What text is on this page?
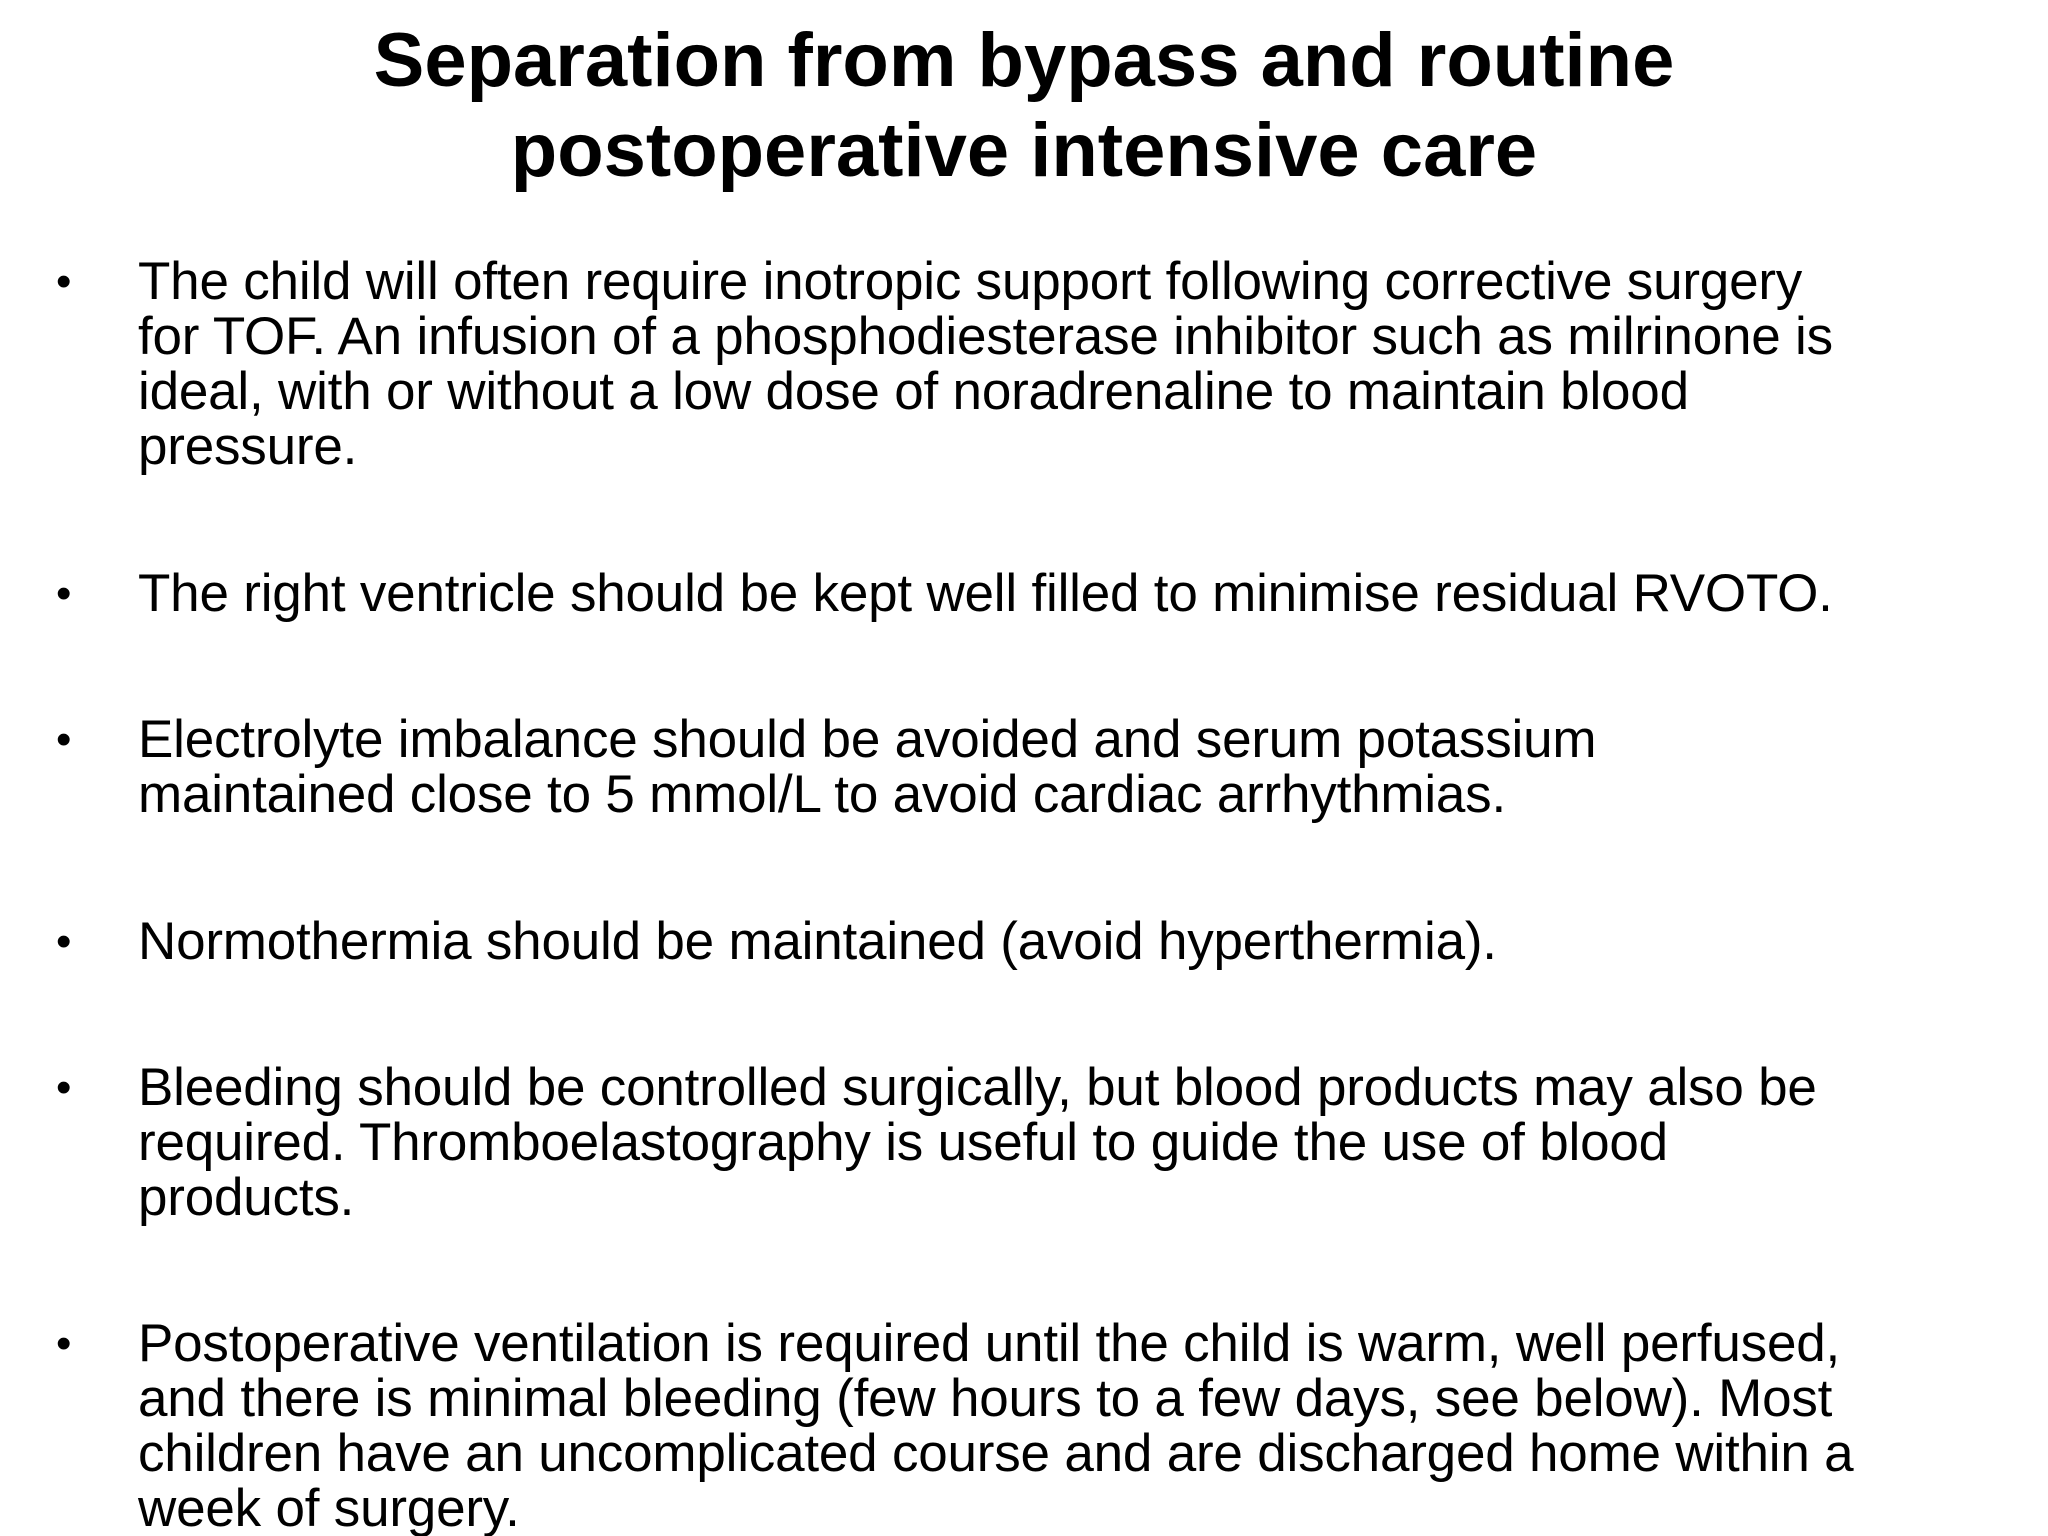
Separation from bypass and routine
postoperative intensive care
• The child will often require inotropic support following corrective surgery
for TOF. An infusion of a phosphodiesterase inhibitor such as milrinone is
ideal, with or without a low dose of noradrenaline to maintain blood
pressure.
• The right ventricle should be kept well filled to minimise residual RVOTO.
• Electrolyte imbalance should be avoided and serum potassium
maintained close to 5 mmol/L to avoid cardiac arrhythmias.
• Normothermia should be maintained (avoid hyperthermia).
• Bleeding should be controlled surgically, but blood products may also be
required. Thromboelastography is useful to guide the use of blood
products.
• Postoperative ventilation is required until the child is warm, well perfused,
and there is minimal bleeding (few hours to a few days, see below). Most
children have an uncomplicated course and are discharged home within a
week of surgery.
